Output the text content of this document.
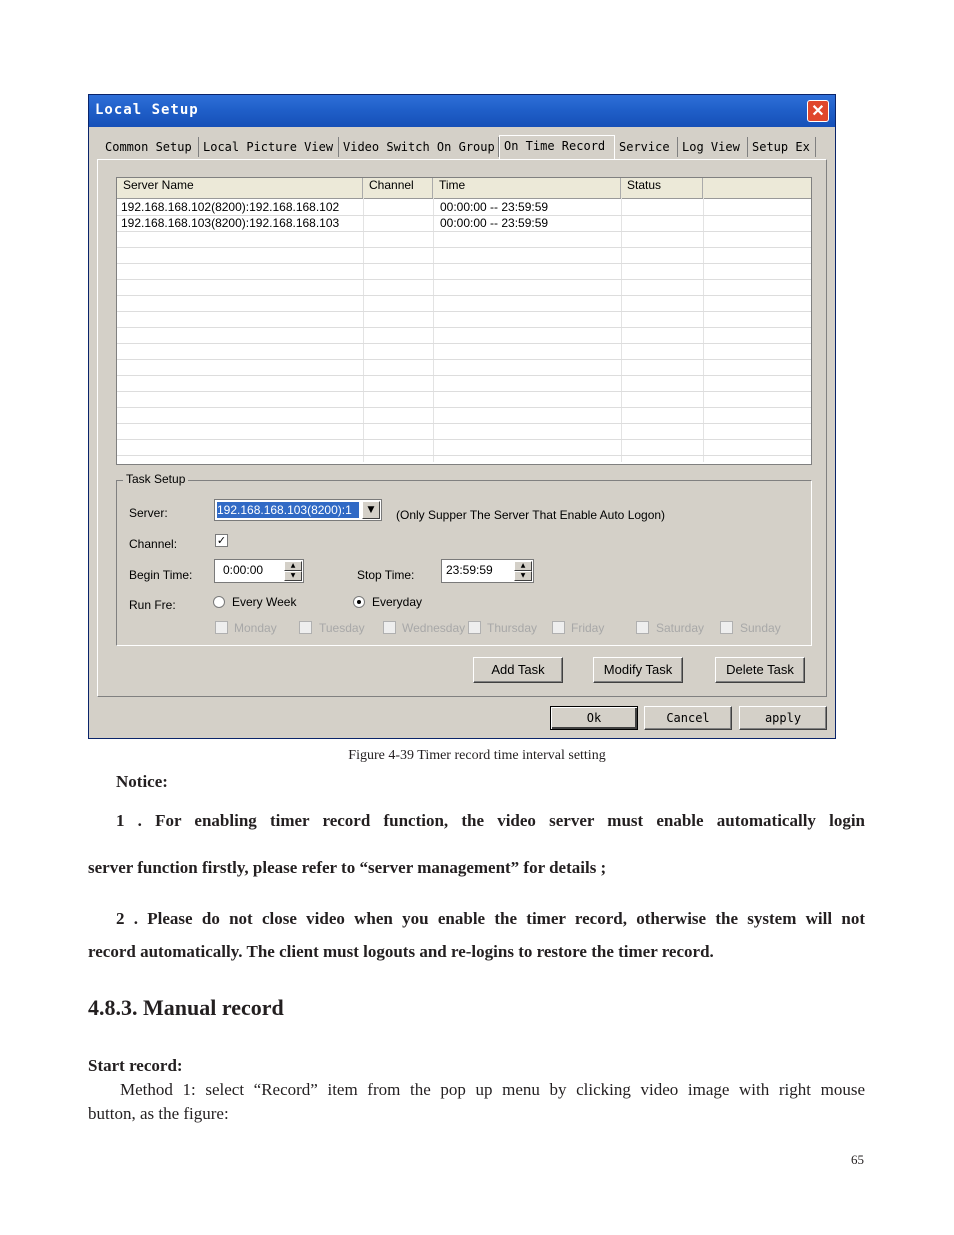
Local Setup	✕
Common Setup Local Picture View Video Switch On Group On Time Record	Service	Log View	Setup Ex
Server Name	Channel	Time	Status
192.168.168.102(8200):192.168.168.102	00:00:00 -- 23:59:59
192.168.168.103(8200):192.168.168.103	00:00:00 -- 23:59:59
Task Setup
Server:	192.168.168.103(8200):1	▼	(Only Supper The Server That Enable Auto Logon)
Channel:	✓
Begin Time:	0:00:00	▲
▼	Stop Time:	23:59:59	▲
▼
Run Fre:	Every Week	Everyday
Monday	Tuesday	Wednesday Thursday	Friday	Saturday	Sunday
Add Task	Modify Task	Delete Task
Ok	Cancel	apply
Figure 4-39 Timer record time interval setting
Notice:
1 . For enabling timer record function, the video server must enable automatically login
server function firstly, please refer to “server management” for details ;
2 . Please do not close video when you enable the timer record, otherwise the system will not
record automatically. The client must logouts and re-logins to restore the timer record.
4.8.3. Manual record
Start record:
Method 1: select “Record” item from the pop up menu by clicking video image with right mouse
button, as the figure:
65
